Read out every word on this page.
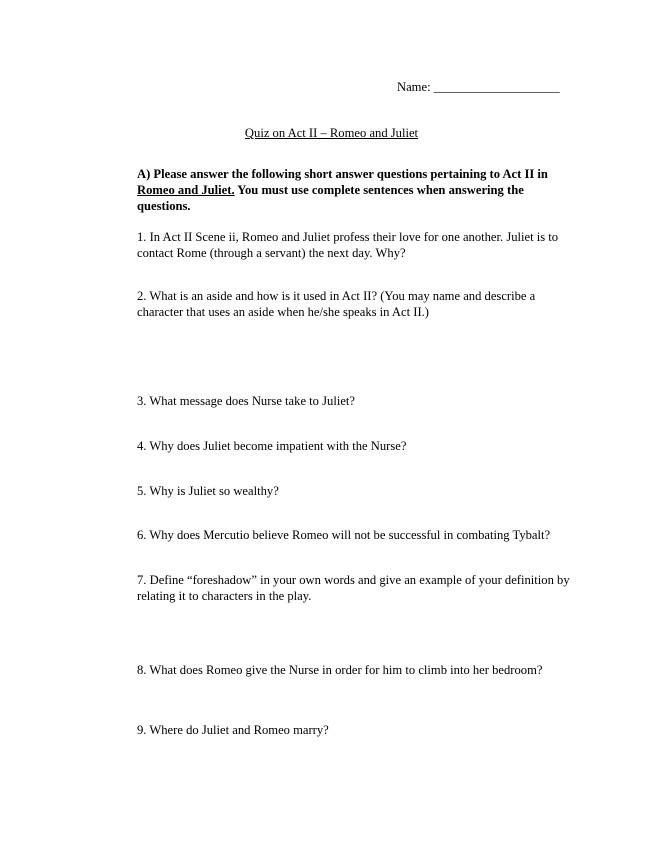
Name: ____________________
Quiz on Act II – Romeo and Juliet
A) Please answer the following short answer questions pertaining to Act II in Romeo and Juliet. You must use complete sentences when answering the questions.
1. In Act II Scene ii, Romeo and Juliet profess their love for one another. Juliet is to contact Rome (through a servant) the next day. Why?
2. What is an aside and how is it used in Act II? (You may name and describe a character that uses an aside when he/she speaks in Act II.)
3. What message does Nurse take to Juliet?
4. Why does Juliet become impatient with the Nurse?
5. Why is Juliet so wealthy?
6. Why does Mercutio believe Romeo will not be successful in combating Tybalt?
7. Define “foreshadow” in your own words and give an example of your definition by relating it to characters in the play.
8. What does Romeo give the Nurse in order for him to climb into her bedroom?
9. Where do Juliet and Romeo marry?
